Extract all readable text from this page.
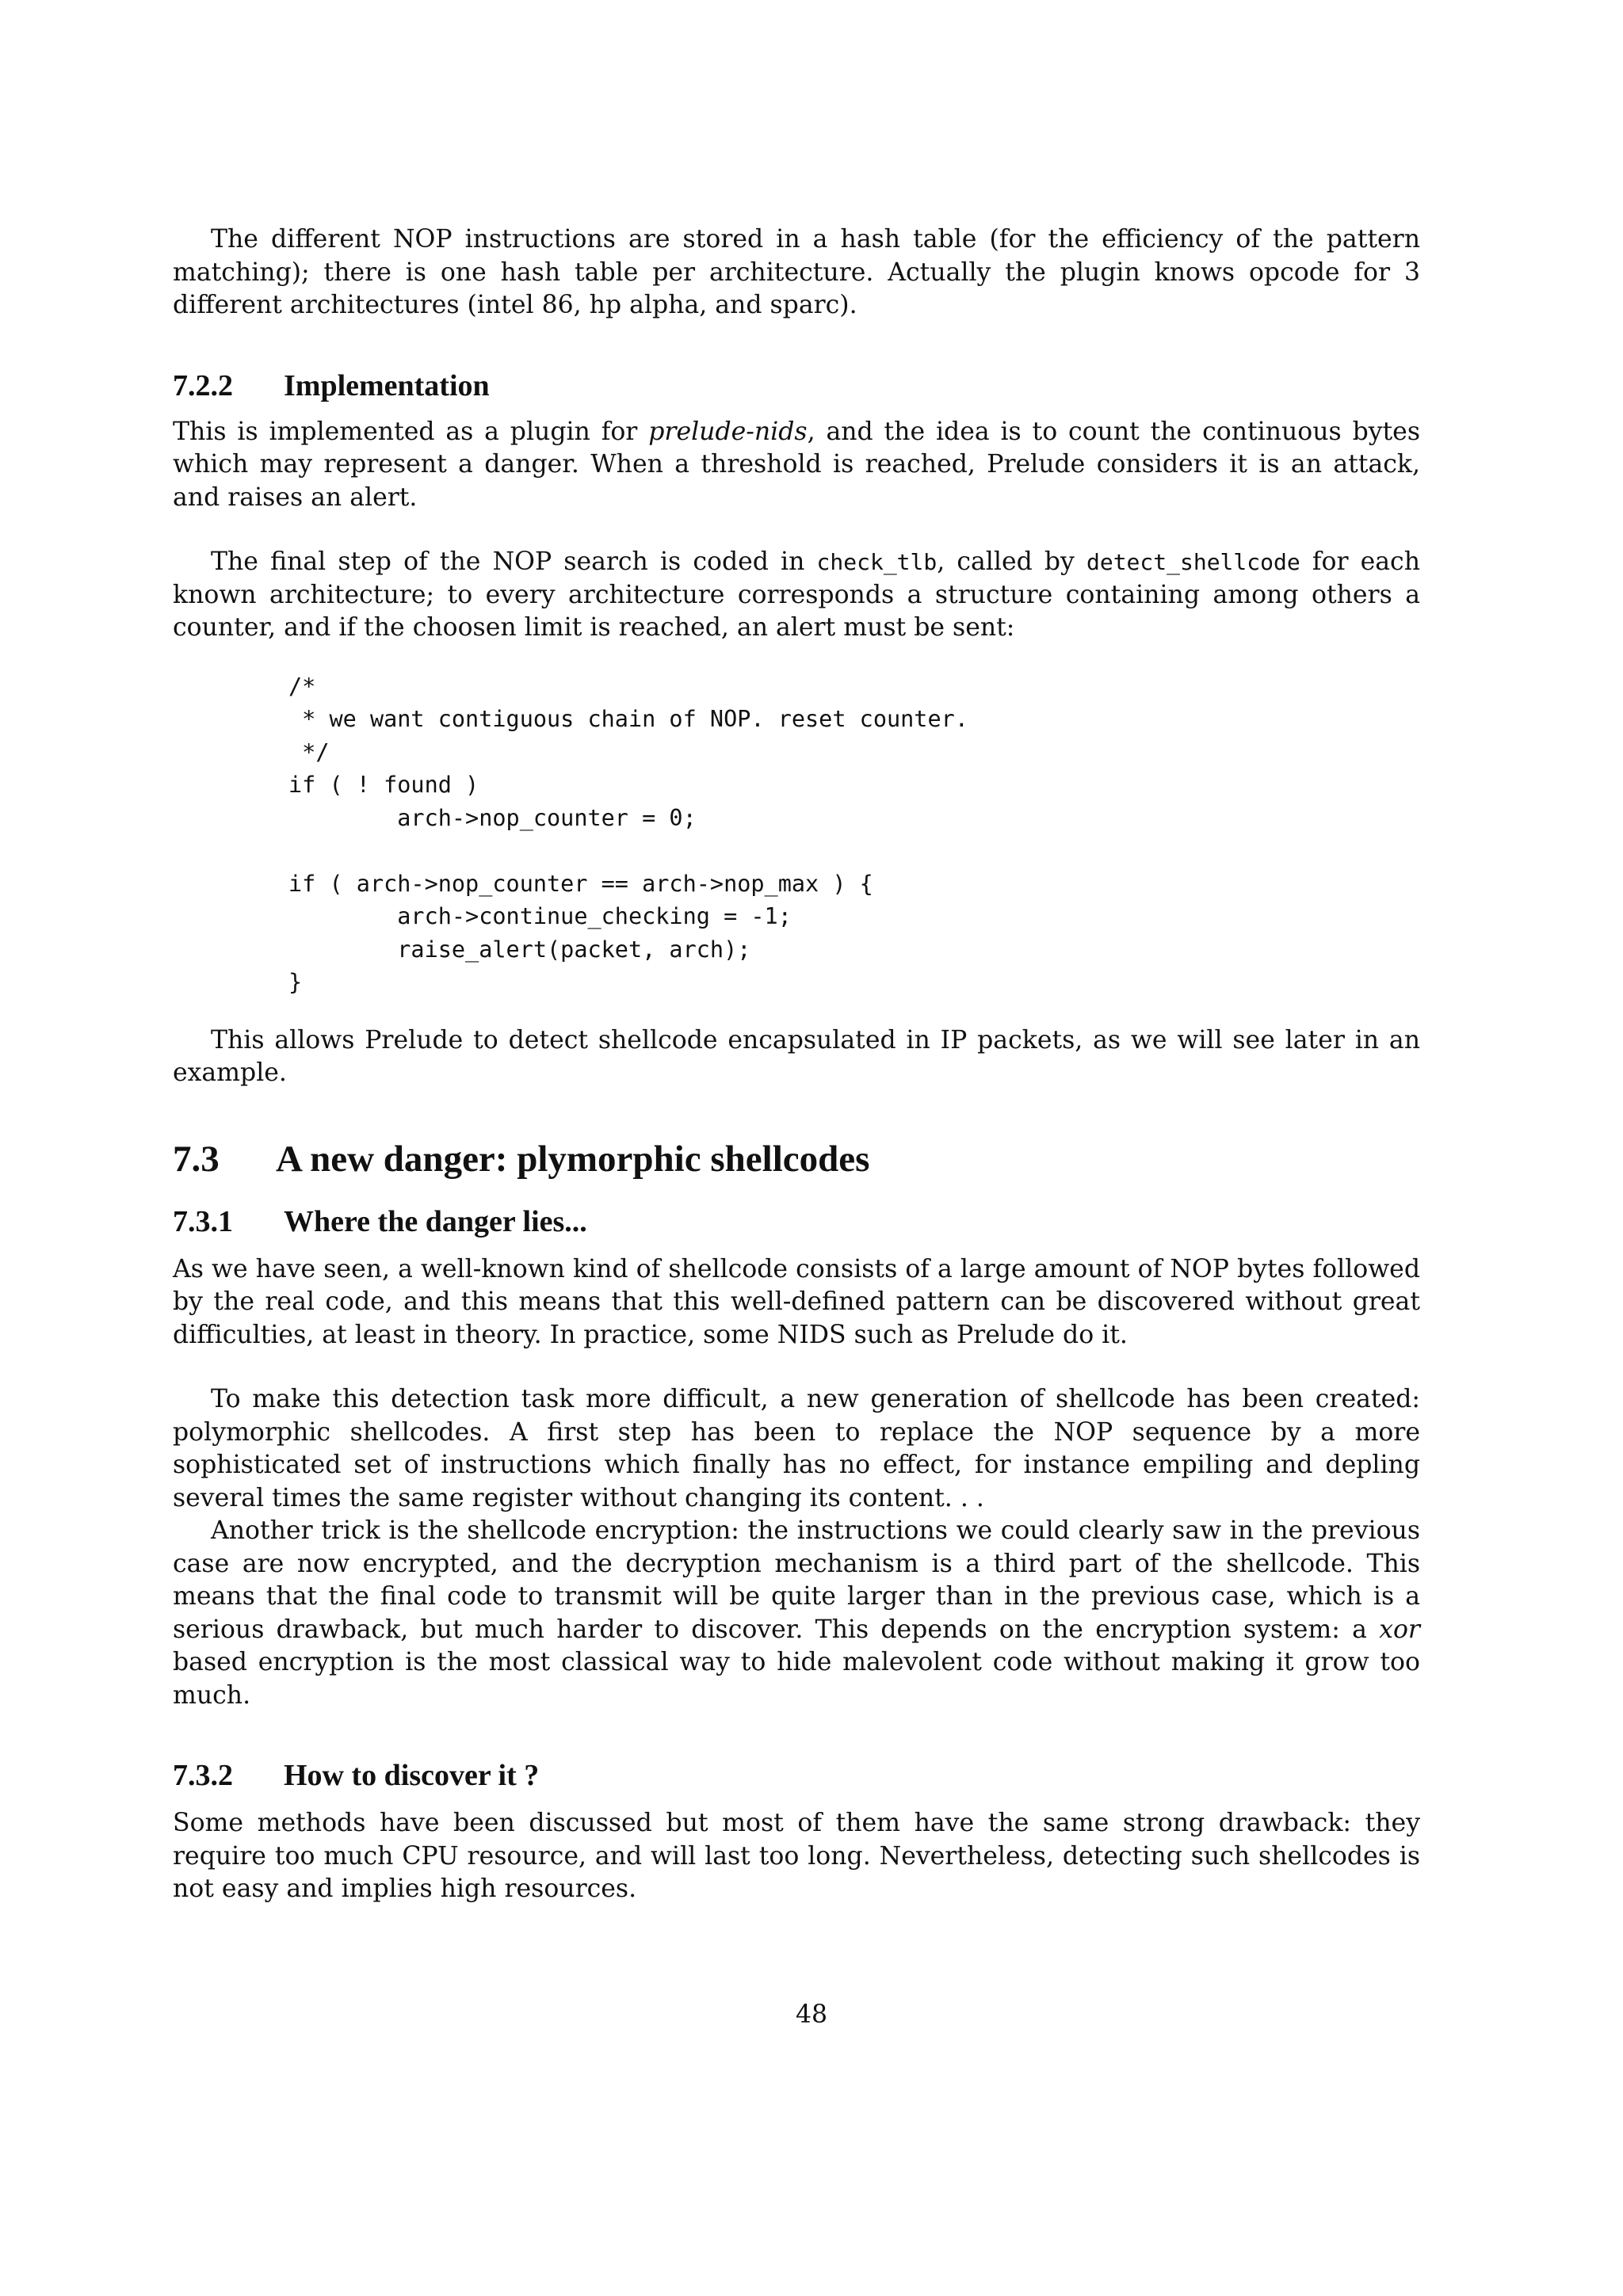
The different NOP instructions are stored in a hash table (for the efficiency of the pattern matching); there is one hash table per architecture. Actually the plugin knows opcode for 3 different architectures (intel 86, hp alpha, and sparc).

7.2.2 Implementation

This is implemented as a plugin for prelude-nids, and the idea is to count the continuous bytes which may represent a danger. When a threshold is reached, Prelude considers it is an attack, and raises an alert.

The final step of the NOP search is coded in check_tlb, called by detect_shellcode for each known architecture; to every architecture corresponds a structure containing among others a counter, and if the choosen limit is reached, an alert must be sent:

/*
* we want contiguous chain of NOP. reset counter.
*/
if ( ! found )
arch->nop_counter = 0;

if ( arch->nop_counter == arch->nop_max ) {
arch->continue_checking = -1;
raise_alert(packet, arch);
}

This allows Prelude to detect shellcode encapsulated in IP packets, as we will see later in an example.

7.3 A new danger: plymorphic shellcodes
7.3.1 Where the danger lies...

As we have seen, a well-known kind of shellcode consists of a large amount of NOP bytes followed by the real code, and this means that this well-defined pattern can be discovered without great difficulties, at least in theory. In practice, some NIDS such as Prelude do it.

To make this detection task more difficult, a new generation of shellcode has been created: polymorphic shellcodes. A first step has been to replace the NOP sequence by a more sophisticated set of instructions which finally has no effect, for instance empiling and depling several times the same register without changing its content. . .

Another trick is the shellcode encryption: the instructions we could clearly saw in the previous case are now encrypted, and the decryption mechanism is a third part of the shellcode. This means that the final code to transmit will be quite larger than in the previous case, which is a serious drawback, but much harder to discover. This depends on the encryption system: a xor based encryption is the most classical way to hide malevolent code without making it grow too much.

7.3.2 How to discover it ?

Some methods have been discussed but most of them have the same strong drawback: they require too much CPU resource, and will last too long. Nevertheless, detecting such shellcodes is not easy and implies high resources.

48
